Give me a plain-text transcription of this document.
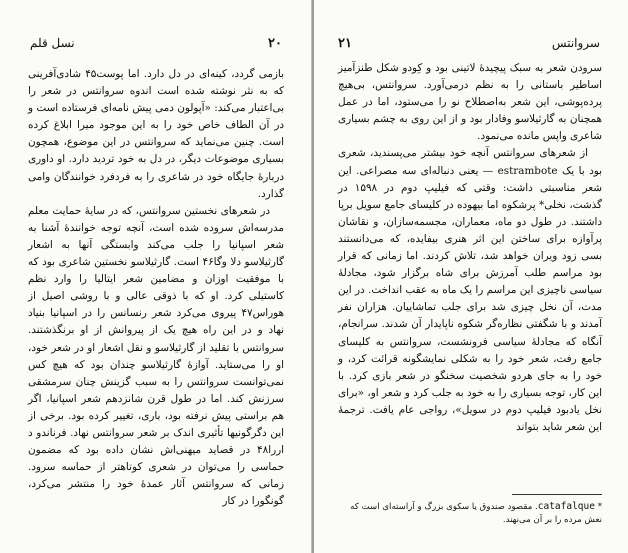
۲۰
نسل قلم

بازمی گردد، کینه‌ای در دل دارد. اما پوست‌۴۵ شادی‌آفرینی که به نثر نوشته شده است اندوه سروانتس در شعر را بی‌اعتبار می‌کند: «آپولون دمی پیش نامه‌ای فرستاده است و در آن الطاف خاص خود را به این موجود میرا ابلاغ کرده است. چنین می‌نماید که سروانتس در این موضوع، همچون بسیاری موضوعات دیگر، در دل به خود تردید دارد. او داوری دربارهٔ جایگاه خود در شاعری را به فردفرد خوانندگان وامی گذارد.

در شعرهای نخستین سروانتس، که در سایهٔ حمایت معلم مدرسه‌اش سروده شده است، آنچه توجه خوانندهٔ آشنا به شعر اسپانیا را جلب می‌کند وابستگی آنها به اشعار گارثیلاسو دلا وگا‌۴۶ است. گارثیلاسو نخستین شاعری بود که با موفقیت اوزان و مضامین شعر ایتالیا را وارد نظم کاستیلی کرد. او که با ذوقی عالی و با روشی اصیل از هوراس‌۴۷ پیروی می‌کرد شعر رنسانس را در اسپانیا بنیاد نهاد و در این راه هیچ یک از پیروانش از او برنگذشتند. سروانتس با تقلید از گارثیلاسو و نقل اشعار او در شعر خود، او را می‌ستاید. آوازهٔ گارثیلاسو چندان بود که هیچ کس نمی‌توانست سروانتس را به سبب گزینش چنان سرمشقی سرزنش کند. اما در طول قرن شانزدهم شعر اسپانیا، اگر هم براستی پیش نرفته بود، باری، تغییر کرده بود. برخی از این دگرگونیها تأثیری اندک بر شعر سروانتس نهاد. فرناندو د اررا‌۴۸ در قصاید میهنی‌اش نشان داده بود که مضمون حماسی را می‌توان در شعری کوتاهتر از حماسه سرود. زمانی که سروانتس آثار عمدهٔ خود را منتشر می‌کرد، گونگورا در کار

سروانتس
۲۱

سرودن شعر به سبک پیچیدهٔ لاتینی بود و کِودو شکل طنزآمیز اساطیر باستانی را به نظم درمی‌آورد. سروانتس، بی‌هیچ پرده‌پوشی، این شعر به‌اصطلاح نو را می‌ستود، اما در عمل همچنان به گارثیلاسو وفادار بود و از این روی به چشم بسیاری شاعری واپس مانده می‌نمود.

از شعرهای سروانتس آنچه خود بیشتر می‌پسندید، شعری بود با یک estrambote — یعنی دنباله‌ای سه مصراعی. این شعر مناسبتی داشت: وقتی که فیلیپ دوم در ۱۵۹۸ در گذشت، نخلی* پرشکوه اما بیهوده در کلیسای جامع سویل برپا داشتند. در طول دو ماه، معماران، مجسمه‌سازان، و نقاشان پرآوازه برای ساختن این اثر هنری بیفایده، که می‌دانستند بسی زود ویران خواهد شد، تلاش کردند. اما زمانی که قرار بود مراسم طلب آمرزش برای شاه برگزار شود، مجادلهٔ سیاسی ناچیزی این مراسم را یک ماه به عقب انداخت. در این مدت، آن نخل چیزی شد برای جلب تماشاییان. هزاران نفر آمدند و با شگفتی نظاره‌گر شکوه ناپایدار آن شدند. سرانجام، آنگاه که مجادلهٔ سیاسی فرونشست، سروانتس به کلیسای جامع رفت، شعر خود را به شکلی نمایشگونه قرائت کرد، و خود را به جای هردو شخصیت سخنگو در شعر بازی کرد. با این کار، توجه بسیاری را به خود به جلب کرد و شعر او، «برای نخل یادبود فیلیپ دوم در سویل»، رواجی عام یافت. ترجمهٔ این شعر شاید بتواند

* catafalque. مقصود صندوق یا سکوی بزرگ و آراسته‌ای است که نعش مرده را بر آن می‌نهند.
